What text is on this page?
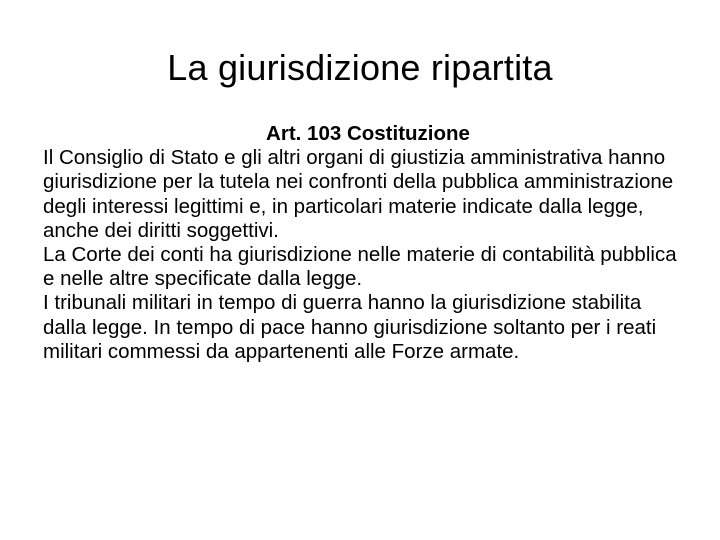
La giurisdizione ripartita

Art. 103 Costituzione

Il Consiglio di Stato e gli altri organi di giustizia amministrativa hanno giurisdizione per la tutela nei confronti della pubblica amministrazione degli interessi legittimi e, in particolari materie indicate dalla legge, anche dei diritti soggettivi.

La Corte dei conti ha giurisdizione nelle materie di contabilità pubblica e nelle altre specificate dalla legge.

I tribunali militari in tempo di guerra hanno la giurisdizione stabilita dalla legge. In tempo di pace hanno giurisdizione soltanto per i reati militari commessi da appartenenti alle Forze armate.
